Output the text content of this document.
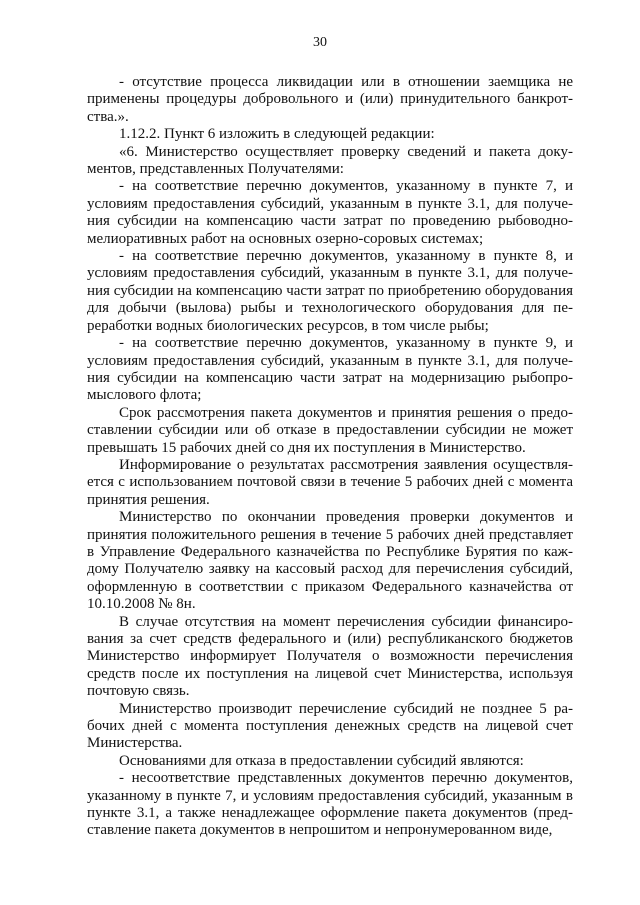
30

- отсутствие процесса ликвидации или в отношении заемщика не применены процедуры добровольного и (или) принудительного банкротства.».

1.12.2. Пункт 6 изложить в следующей редакции:

«6. Министерство осуществляет проверку сведений и пакета документов, представленных Получателями:

- на соответствие перечню документов, указанному в пункте 7, и условиям предоставления субсидий, указанным в пункте 3.1, для получения субсидии на компенсацию части затрат по проведению рыбоводно-мелиоративных работ на основных озерно-соровых системах;

- на соответствие перечню документов, указанному в пункте 8, и условиям предоставления субсидий, указанным в пункте 3.1, для получения субсидии на компенсацию части затрат по приобретению оборудования для добычи (вылова) рыбы и технологического оборудования для переработки водных биологических ресурсов, в том числе рыбы;

- на соответствие перечню документов, указанному в пункте 9, и условиям предоставления субсидий, указанным в пункте 3.1, для получения субсидии на компенсацию части затрат на модернизацию рыбопромыслового флота;

Срок рассмотрения пакета документов и принятия решения о предоставлении субсидии или об отказе в предоставлении субсидии не может превышать 15 рабочих дней со дня их поступления в Министерство.

Информирование о результатах рассмотрения заявления осуществляется с использованием почтовой связи в течение 5 рабочих дней с момента принятия решения.

Министерство по окончании проведения проверки документов и принятия положительного решения в течение 5 рабочих дней представляет в Управление Федерального казначейства по Республике Бурятия по каждому Получателю заявку на кассовый расход для перечисления субсидий, оформленную в соответствии с приказом Федерального казначейства от 10.10.2008 № 8н.

В случае отсутствия на момент перечисления субсидии финансирования за счет средств федерального и (или) республиканского бюджетов Министерство информирует Получателя о возможности перечисления средств после их поступления на лицевой счет Министерства, используя почтовую связь.

Министерство производит перечисление субсидий не позднее 5 рабочих дней с момента поступления денежных средств на лицевой счет Министерства.

Основаниями для отказа в предоставлении субсидий являются:

- несоответствие представленных документов перечню документов, указанному в пункте 7, и условиям предоставления субсидий, указанным в пункте 3.1, а также ненадлежащее оформление пакета документов (представление пакета документов в непрошитом и непронумерованном виде,
